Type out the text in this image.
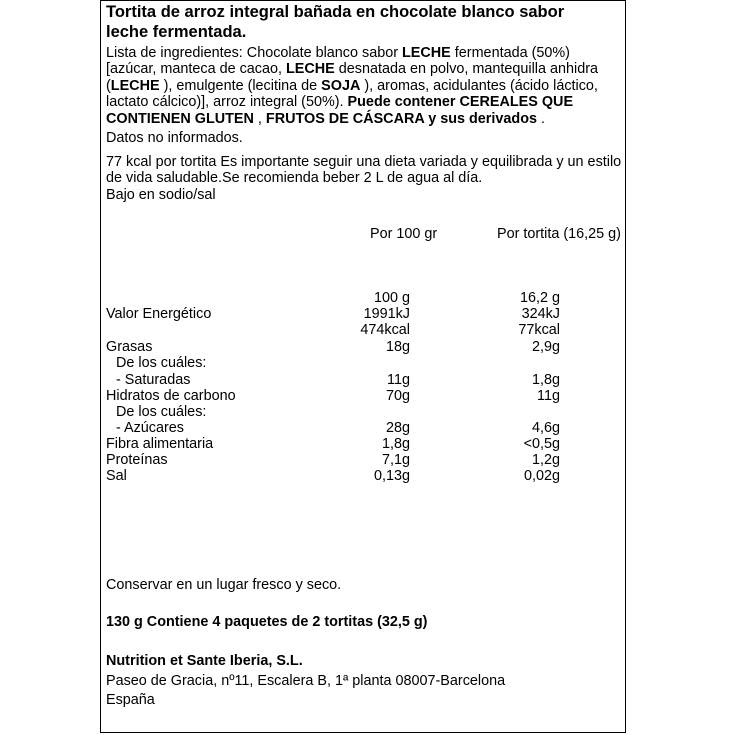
Tortita de arroz integral bañada en chocolate blanco sabor
leche fermentada.
Lista de ingredientes: Chocolate blanco sabor LECHE fermentada (50%)
[azúcar, manteca de cacao, LECHE desnatada en polvo, mantequilla anhidra
(LECHE ), emulgente (lecitina de SOJA ), aromas, acidulantes (ácido láctico,
lactato cálcico)], arroz integral (50%). Puede contener CEREALES QUE
CONTIENEN GLUTEN , FRUTOS DE CÁSCARA y sus derivados .
Datos no informados.
77 kcal por tortita Es importante seguir una dieta variada y equilibrada y un estilo
de vida saludable.Se recomienda beber 2 L de agua al día.
Bajo en sodio/sal
Por 100 gr	Por tortita (16,25 g)
100 g	16,2 g
Valor Energético	1991kJ	324kJ
474kcal	77kcal
Grasas	18g	2,9g
De los cuáles:
- Saturadas	11g	1,8g
Hidratos de carbono	70g	11g
De los cuáles:
- Azúcares	28g	4,6g
Fibra alimentaria	1,8g	<0,5g
Proteínas	7,1g	1,2g
Sal	0,13g	0,02g
Conservar en un lugar fresco y seco.
130 g Contiene 4 paquetes de 2 tortitas (32,5 g)
Nutrition et Sante Iberia, S.L.
Paseo de Gracia, nº11, Escalera B, 1ª planta 08007-Barcelona
España
